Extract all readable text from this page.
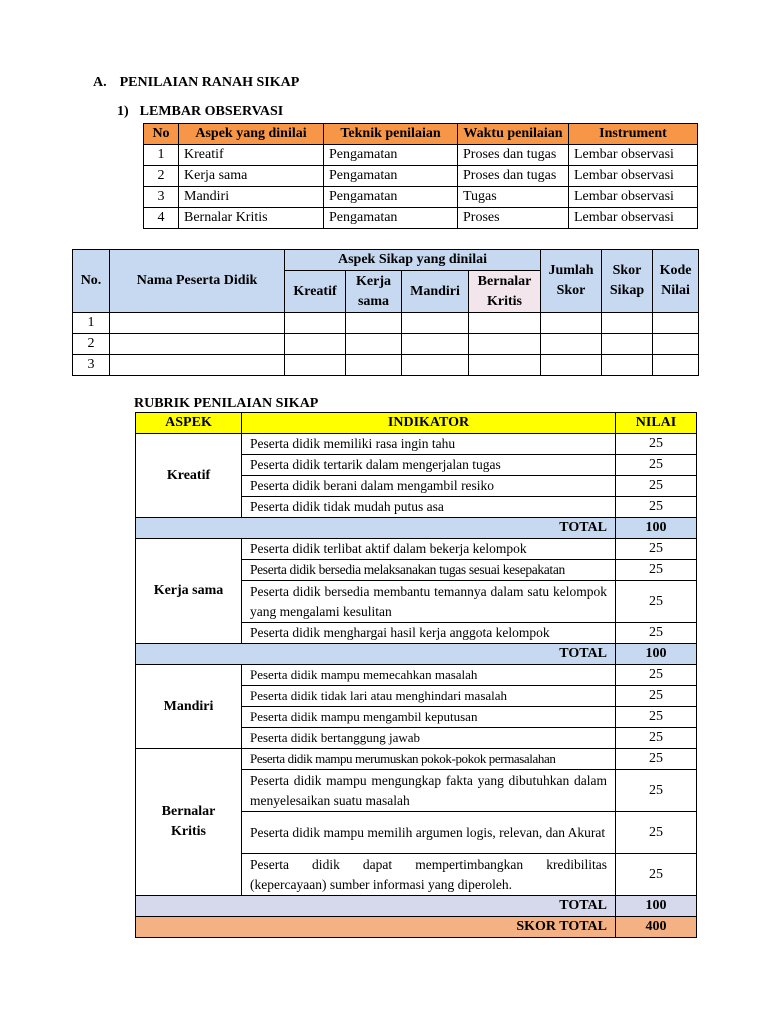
A. PENILAIAN RANAH SIKAP
1) LEMBAR OBSERVASI
No	Aspek yang dinilai	Teknik penilaian	Waktu penilaian	Instrument
1	Kreatif	Pengamatan	Proses dan tugas	Lembar observasi
2	Kerja sama	Pengamatan	Proses dan tugas	Lembar observasi
3	Mandiri	Pengamatan	Tugas	Lembar observasi
4	Bernalar Kritis	Pengamatan	Proses	Lembar observasi
No.	Nama Peserta Didik	Aspek Sikap yang dinilai				Jumlah Skor	Skor Sikap	Kode Nilai
		Kreatif	Kerja sama	Mandiri	Bernalar Kritis			
1								
2								
3								
RUBRIK PENILAIAN SIKAP
ASPEK	INDIKATOR	NILAI
Kreatif	Peserta didik memiliki rasa ingin tahu	25
	Peserta didik tertarik dalam mengerjalan tugas	25
	Peserta didik berani dalam mengambil resiko	25
	Peserta didik tidak mudah putus asa	25
TOTAL		100
Kerja sama	Peserta didik terlibat aktif dalam bekerja kelompok	25
	Peserta didik bersedia melaksanakan tugas sesuai kesepakatan	25
	Peserta didik bersedia membantu temannya dalam satu kelompok yang mengalami kesulitan	25
	Peserta didik menghargai hasil kerja anggota kelompok	25
TOTAL		100
Mandiri	Peserta didik mampu memecahkan masalah	25
	Peserta didik tidak lari atau menghindari masalah	25
	Peserta didik mampu mengambil keputusan	25
	Peserta didik bertanggung jawab	25
Bernalar Kritis	Peserta didik mampu merumuskan pokok-pokok permasalahan	25
	Peserta didik mampu mengungkap fakta yang dibutuhkan dalam menyelesaikan suatu masalah	25
	Peserta didik mampu memilih argumen logis, relevan, dan Akurat	25
	Peserta didik dapat mempertimbangkan kredibilitas (kepercayaan) sumber informasi yang diperoleh.	25
TOTAL		100
SKOR TOTAL		400
